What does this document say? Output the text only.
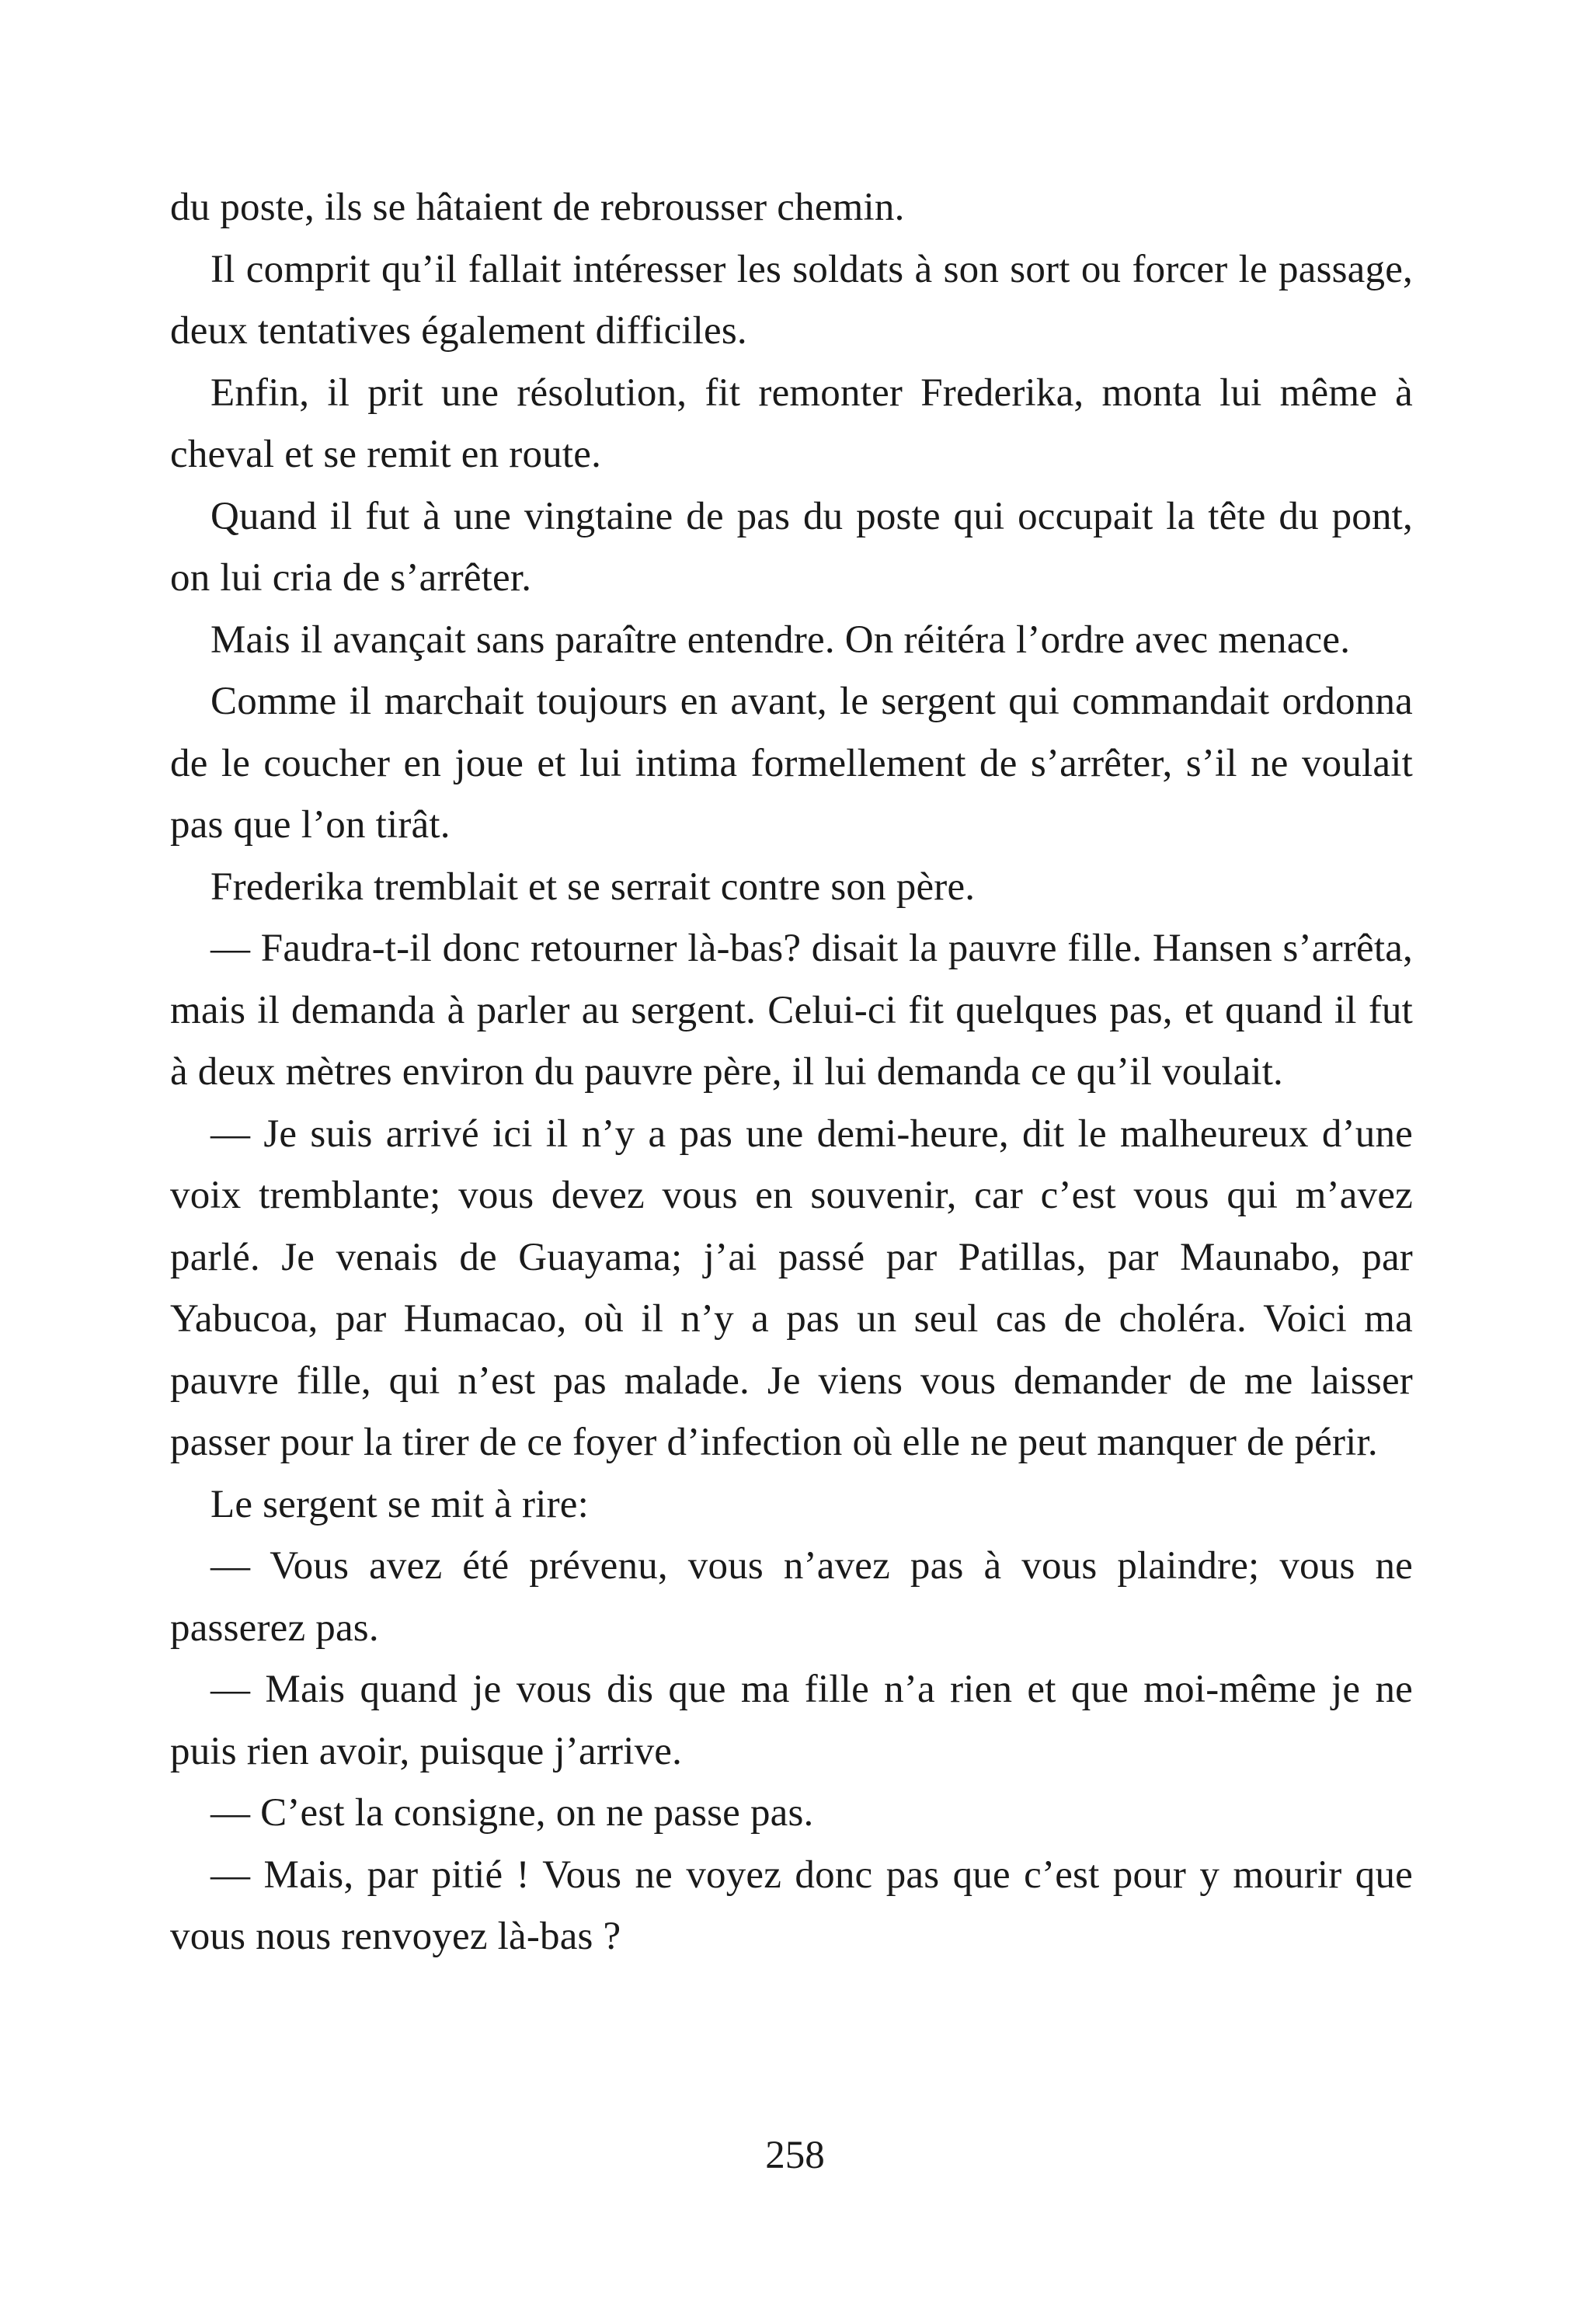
du poste, ils se hâtaient de rebrousser chemin.

Il comprit qu’il fallait intéresser les soldats à son sort ou forcer le passage, deux tentatives également difficiles.

Enfin, il prit une résolution, fit remonter Frederika, monta lui même à cheval et se remit en route.

Quand il fut à une vingtaine de pas du poste qui occupait la tête du pont, on lui cria de s’arrêter.

Mais il avançait sans paraître entendre. On réitéra l’ordre avec menace.

Comme il marchait toujours en avant, le sergent qui commandait ordonna de le coucher en joue et lui intima formellement de s’arrêter, s’il ne voulait pas que l’on tirât.

Frederika tremblait et se serrait contre son père.

— Faudra-t-il donc retourner là-bas? disait la pauvre fille. Hansen s’arrêta, mais il demanda à parler au sergent. Celui-ci fit quelques pas, et quand il fut à deux mètres environ du pauvre père, il lui demanda ce qu’il voulait.

— Je suis arrivé ici il n’y a pas une demi-heure, dit le malheureux d’une voix tremblante; vous devez vous en souvenir, car c’est vous qui m’avez parlé. Je venais de Guayama; j’ai passé par Patillas, par Maunabo, par Yabucoa, par Humacao, où il n’y a pas un seul cas de choléra. Voici ma pauvre fille, qui n’est pas malade. Je viens vous demander de me laisser passer pour la tirer de ce foyer d’infection où elle ne peut manquer de périr.

Le sergent se mit à rire:

— Vous avez été prévenu, vous n’avez pas à vous plaindre; vous ne passerez pas.

— Mais quand je vous dis que ma fille n’a rien et que moi-même je ne puis rien avoir, puisque j’arrive.

— C’est la consigne, on ne passe pas.

— Mais, par pitié ! Vous ne voyez donc pas que c’est pour y mourir que vous nous renvoyez là-bas ?

258
